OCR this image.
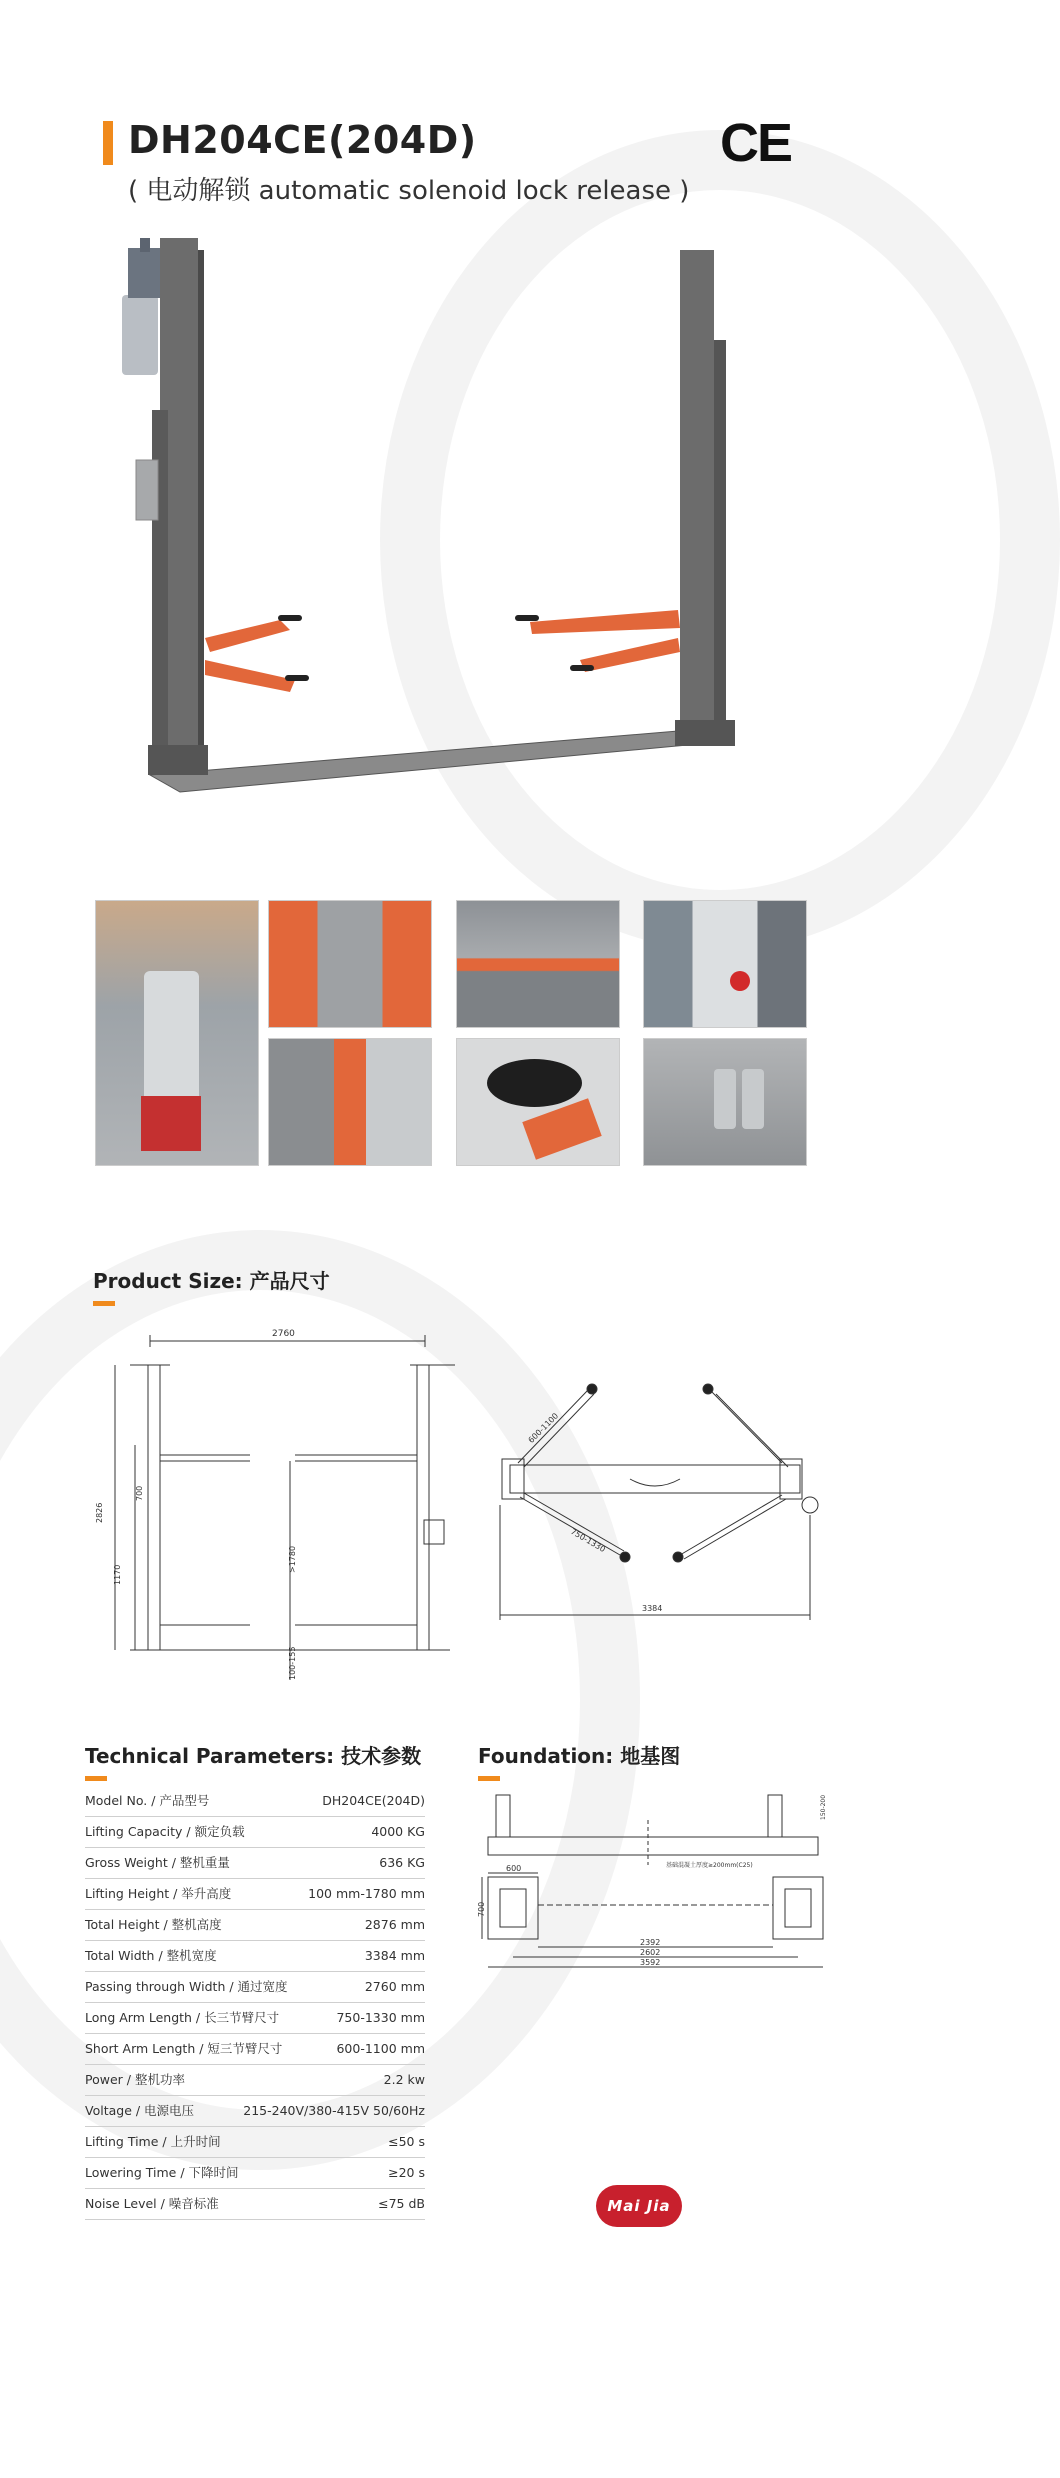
DH204CE(204D)
( 电动解锁 automatic solenoid lock release )
CE
Product Size: 产品尺寸
2760
2826
700
1170
>1780
100-155
600-1100
750-1330
3384
Technical Parameters: 技术参数
Model No. / 产品型号	DH204CE(204D)
Lifting Capacity / 额定负载	4000 KG
Gross Weight / 整机重量	636 KG
Lifting Height / 举升高度	100 mm-1780 mm
Total Height / 整机高度	2876 mm
Total Width / 整机宽度	3384 mm
Passing through Width / 通过宽度	2760 mm
Long Arm Length / 长三节臂尺寸	750-1330 mm
Short Arm Length / 短三节臂尺寸	600-1100 mm
Power / 整机功率	2.2 kw
Voltage / 电源电压	215-240V/380-415V 50/60Hz
Lifting Time / 上升时间	≤50 s
Lowering Time / 下降时间	≥20 s
Noise Level / 噪音标准	≤75 dB
Foundation: 地基图
150-200
基础混凝土厚度≥200mm(C25)
600
700
2392
2602
3592
Mai Jia
